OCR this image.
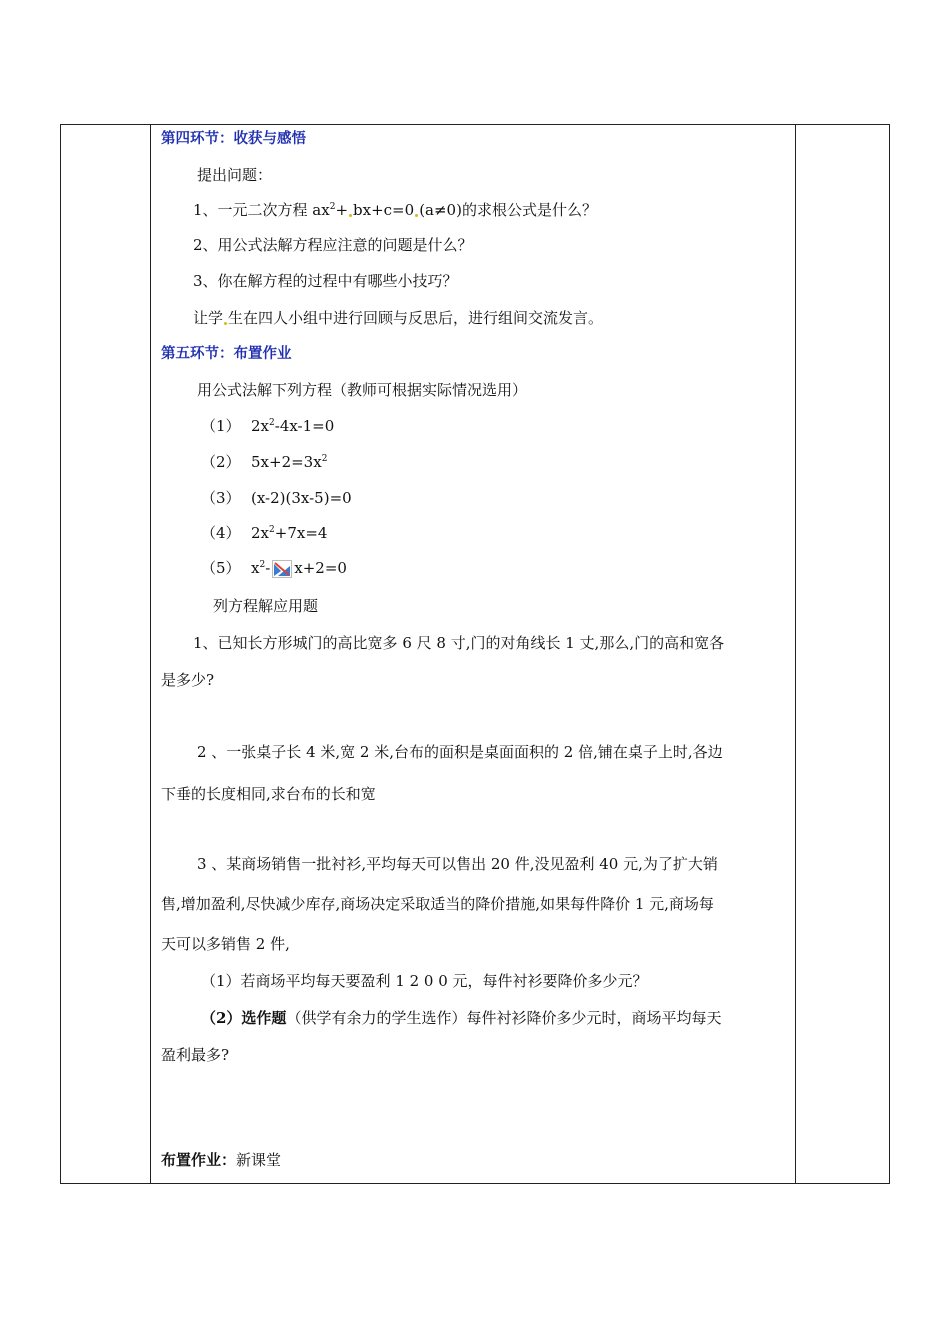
第四环节：收获与感悟
提出问题：
1、一元二次方程 $ax^2+ bx+c=0$ (a≠0)的求根公式是什么？
2、用公式法解方程应注意的问题是什么？
3、你在解方程的过程中有哪些小技巧？
让学 生在四人小组中进行回顾与反思后，进行组间交流发言。
第五环节：布置作业
用公式法解下列方程（教师可根据实际情况选用）
（1） $2x^2-4x-1=0$
（2） $5x+2=3x^2$
（3） (x-2)(3x-5)=0
（4） $2x^2+7x=4$
（5） $x^2-$ x+2=0
列方程解应用题
1、已知长方形城门的高比宽多 6 尺 8 寸,门的对角线长 1 丈,那么,门的高和宽各
是多少?
2 、一张桌子长 4 米,宽 2 米,台布的面积是桌面面积的 2 倍,铺在桌子上时,各边
下垂的长度相同,求台布的长和宽
3 、某商场销售一批衬衫,平均每天可以售出 20 件,没见盈利 40 元,为了扩大销
售,增加盈利,尽快减少库存,商场决定采取适当的降价措施,如果每件降价 1 元,商场每
天可以多销售 2 件,
（1）若商场平均每天要盈利 1 2 0 0 元，每件衬衫要降价多少元？
（2）选作题（供学有余力的学生选作）每件衬衫降价多少元时，商场平均每天
盈利最多?
布置作业：新课堂
